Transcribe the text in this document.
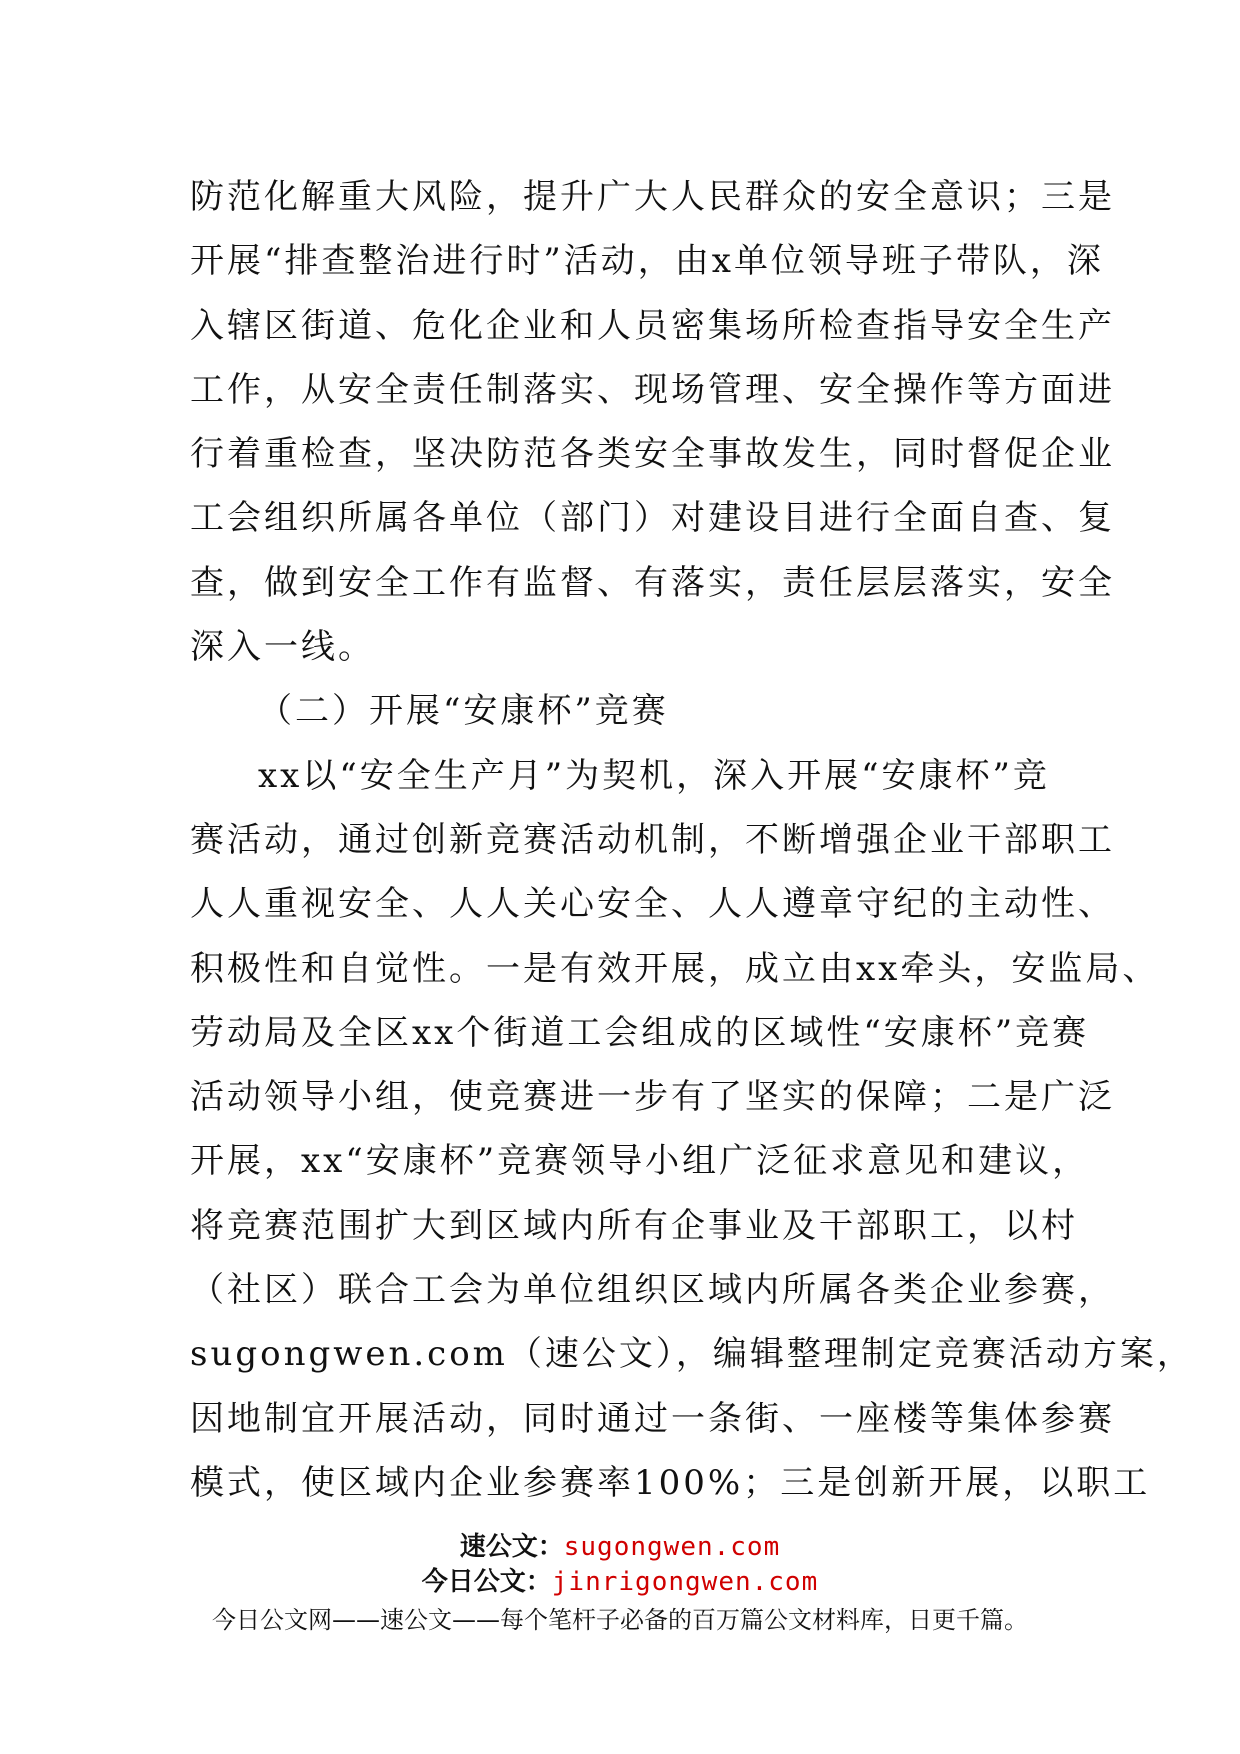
防范化解重大风险，提升广大人民群众的安全意识；三是
开展“排查整治进行时”活动，由x单位领导班子带队，深
入辖区街道、危化企业和人员密集场所检查指导安全生产
工作，从安全责任制落实、现场管理、安全操作等方面进
行着重检查，坚决防范各类安全事故发生，同时督促企业
工会组织所属各单位（部门）对建设目进行全面自查、复
查，做到安全工作有监督、有落实，责任层层落实，安全
深入一线。
（二）开展“安康杯”竞赛
xx以“安全生产月”为契机，深入开展“安康杯”竞
赛活动，通过创新竞赛活动机制，不断增强企业干部职工
人人重视安全、人人关心安全、人人遵章守纪的主动性、
积极性和自觉性。一是有效开展，成立由xx牵头，安监局、
劳动局及全区xx个街道工会组成的区域性“安康杯”竞赛
活动领导小组，使竞赛进一步有了坚实的保障；二是广泛
开展，xx“安康杯”竞赛领导小组广泛征求意见和建议，
将竞赛范围扩大到区域内所有企事业及干部职工，以村
（社区）联合工会为单位组织区域内所属各类企业参赛，
sugongwen.com（速公文），编辑整理制定竞赛活动方案，
因地制宜开展活动，同时通过一条街、一座楼等集体参赛
模式，使区域内企业参赛率100%；三是创新开展，以职工
速公文：sugongwen.com
今日公文：jinrigongwen.com
今日公文网——速公文——每个笔杆子必备的百万篇公文材料库，日更千篇。
